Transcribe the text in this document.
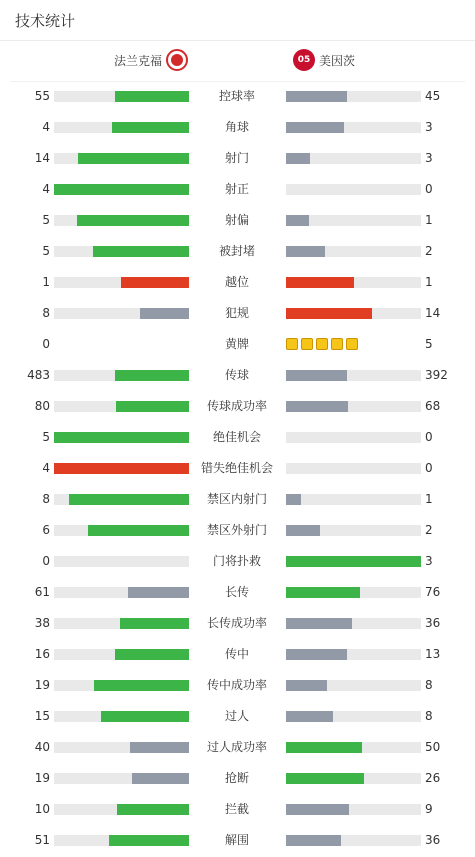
技术统计
法兰克福	05 美因茨
55	控球率	45
4	角球	3
14	射门	3
4	射正	0
5	射偏	1
5	被封堵	2
1	越位	1
8	犯规	14
0	黄牌	5
483	传球	392
80	传球成功率	68
5	绝佳机会	0
4	错失绝佳机会	0
8	禁区内射门	1
6	禁区外射门	2
0	门将扑救	3
61	长传	76
38	长传成功率	36
16	传中	13
19	传中成功率	8
15	过人	8
40	过人成功率	50
19	抢断	26
10	拦截	9
51	解围	36
